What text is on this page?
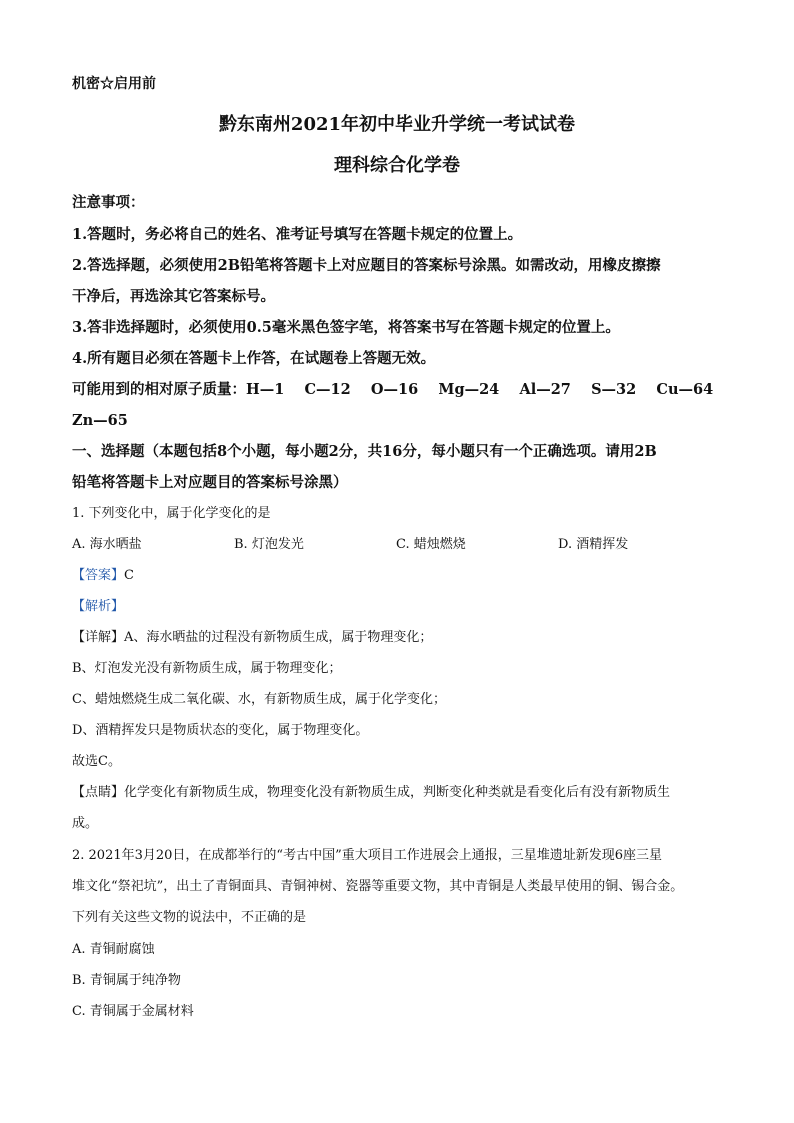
机密☆启用前
黔东南州2021年初中毕业升学统一考试试卷
理科综合化学卷
注意事项：
1.答题时，务必将自己的姓名、准考证号填写在答题卡规定的位置上。
2.答选择题，必须使用2B铅笔将答题卡上对应题目的答案标号涂黑。如需改动，用橡皮擦擦
干净后，再选涂其它答案标号。
3.答非选择题时，必须使用0.5毫米黑色签字笔，将答案书写在答题卡规定的位置上。
4.所有题目必须在答题卡上作答，在试题卷上答题无效。
可能用到的相对原子质量：H—1    C—12    O—16    Mg—24    Al—27    S—32    Cu—64
Zn—65
一、选择题（本题包括8个小题，每小题2分，共16分，每小题只有一个正确选项。请用2B
铅笔将答题卡上对应题目的答案标号涂黑）
1. 下列变化中，属于化学变化的是
A. 海水晒盐	B. 灯泡发光	C. 蜡烛燃烧	D. 酒精挥发
【答案】C
【解析】
【详解】A、海水晒盐的过程没有新物质生成，属于物理变化；
B、灯泡发光没有新物质生成，属于物理变化；
C、蜡烛燃烧生成二氧化碳、水，有新物质生成，属于化学变化；
D、酒精挥发只是物质状态的变化，属于物理变化。
故选C。
【点睛】化学变化有新物质生成，物理变化没有新物质生成，判断变化种类就是看变化后有没有新物质生
成。
2. 2021年3月20日，在成都举行的“考古中国”重大项目工作进展会上通报，三星堆遗址新发现6座三星
堆文化“祭祀坑”，出土了青铜面具、青铜神树、瓷器等重要文物，其中青铜是人类最早使用的铜、锡合金。
下列有关这些文物的说法中，不正确的是
A. 青铜耐腐蚀
B. 青铜属于纯净物
C. 青铜属于金属材料
